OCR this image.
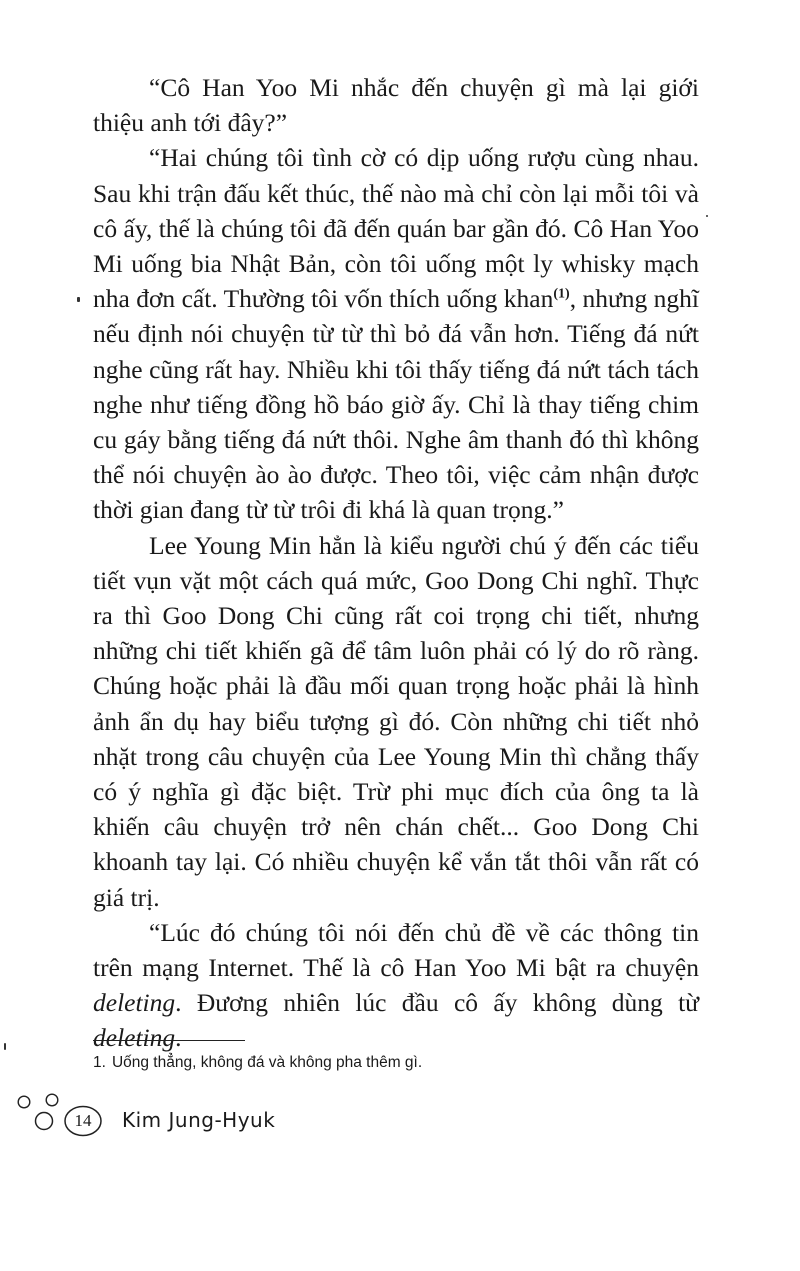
“Cô Han Yoo Mi nhắc đến chuyện gì mà lại giới thiệu anh tới đây?”

“Hai chúng tôi tình cờ có dịp uống rượu cùng nhau. Sau khi trận đấu kết thúc, thế nào mà chỉ còn lại mỗi tôi và cô ấy, thế là chúng tôi đã đến quán bar gần đó. Cô Han Yoo Mi uống bia Nhật Bản, còn tôi uống một ly whisky mạch nha đơn cất. Thường tôi vốn thích uống khan$^{(1)}$, nhưng nghĩ nếu định nói chuyện từ từ thì bỏ đá vẫn hơn. Tiếng đá nứt nghe cũng rất hay. Nhiều khi tôi thấy tiếng đá nứt tách tách nghe như tiếng đồng hồ báo giờ ấy. Chỉ là thay tiếng chim cu gáy bằng tiếng đá nứt thôi. Nghe âm thanh đó thì không thể nói chuyện ào ào được. Theo tôi, việc cảm nhận được thời gian đang từ từ trôi đi khá là quan trọng.”

Lee Young Min hẳn là kiểu người chú ý đến các tiểu tiết vụn vặt một cách quá mức, Goo Dong Chi nghĩ. Thực ra thì Goo Dong Chi cũng rất coi trọng chi tiết, nhưng những chi tiết khiến gã để tâm luôn phải có lý do rõ ràng. Chúng hoặc phải là đầu mối quan trọng hoặc phải là hình ảnh ẩn dụ hay biểu tượng gì đó. Còn những chi tiết nhỏ nhặt trong câu chuyện của Lee Young Min thì chẳng thấy có ý nghĩa gì đặc biệt. Trừ phi mục đích của ông ta là khiến câu chuyện trở nên chán chết... Goo Dong Chi khoanh tay lại. Có nhiều chuyện kể vắn tắt thôi vẫn rất có giá trị.

“Lúc đó chúng tôi nói đến chủ đề về các thông tin trên mạng Internet. Thế là cô Han Yoo Mi bật ra chuyện deleting. Đương nhiên lúc đầu cô ấy không dùng từ deleting.

1. Uống thẳng, không đá và không pha thêm gì.
14	Kim Jung-Hyuk
